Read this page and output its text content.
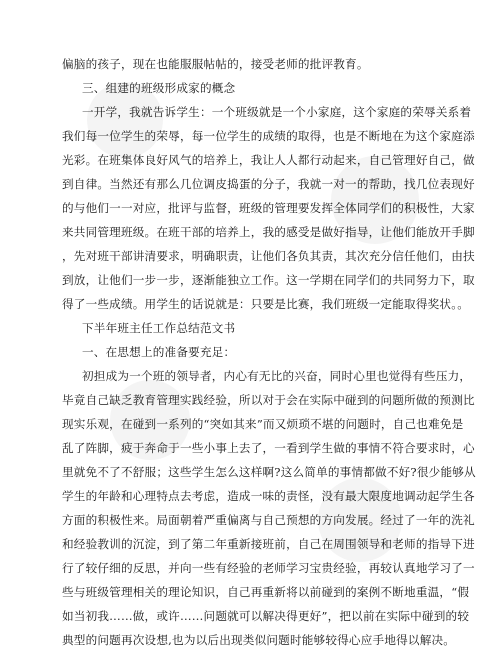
偏脑的孩子，现在也能服服帖帖的，接受老师的批评教育。
三、组建的班级形成家的概念
一开学，我就告诉学生：一个班级就是一个小家庭，这个家庭的荣辱关系着
我们每一位学生的荣辱，每一位学生的成绩的取得，也是不断地在为这个家庭添
光彩。在班集体良好风气的培养上，我让人人都行动起来，自己管理好自己，做
到自律。当然还有那么几位调皮捣蛋的分子，我就一对一的帮助，找几位表现好
的与他们一一对应，批评与监督，班级的管理要发挥全体同学们的积极性，大家
来共同管理班级。在班干部的培养上，我的感受是做好指导，让他们能放开手脚
，先对班干部讲清要求，明确职责，让他们各负其责，其次充分信任他们，由扶
到放，让他们一步一步，逐渐能独立工作。这一学期在同学们的共同努力下，取
得了一些成绩。用学生的话说就是：只要是比赛，我们班级一定能取得奖状。。
下半年班主任工作总结范文书
一、在思想上的准备要充足：
初担成为一个班的领导者，内心有无比的兴奋，同时心里也觉得有些压力，
毕竟自己缺乏教育管理实践经验，所以对于会在实际中碰到的问题所做的预测比
现实乐观，在碰到一系列的“突如其来”而又烦琐不堪的问题时，自己也难免是
乱了阵脚，疲于奔命于一些小事上去了，一看到学生做的事情不符合要求时，心
里就免不了不舒服；这些学生怎么这样啊?这么简单的事情都做不好?很少能够从
学生的年龄和心理特点去考虑，造成一味的责怪，没有最大限度地调动起学生各
方面的积极性来。局面朝着严重偏离与自己预想的方向发展。经过了一年的洗礼
和经验教训的沉淀，到了第二年重新接班前，自己在周围领导和老师的指导下进
行了较仔细的反思，并向一些有经验的老师学习宝贵经验，再较认真地学习了一
些与班级管理相关的理论知识，自己再重新将以前碰到的案例不断地重温，“假
如当初我……做，或许……问题就可以解决得更好”，把以前在实际中碰到的较
典型的问题再次设想,也为以后出现类似问题时能够较得心应手地得以解决。
